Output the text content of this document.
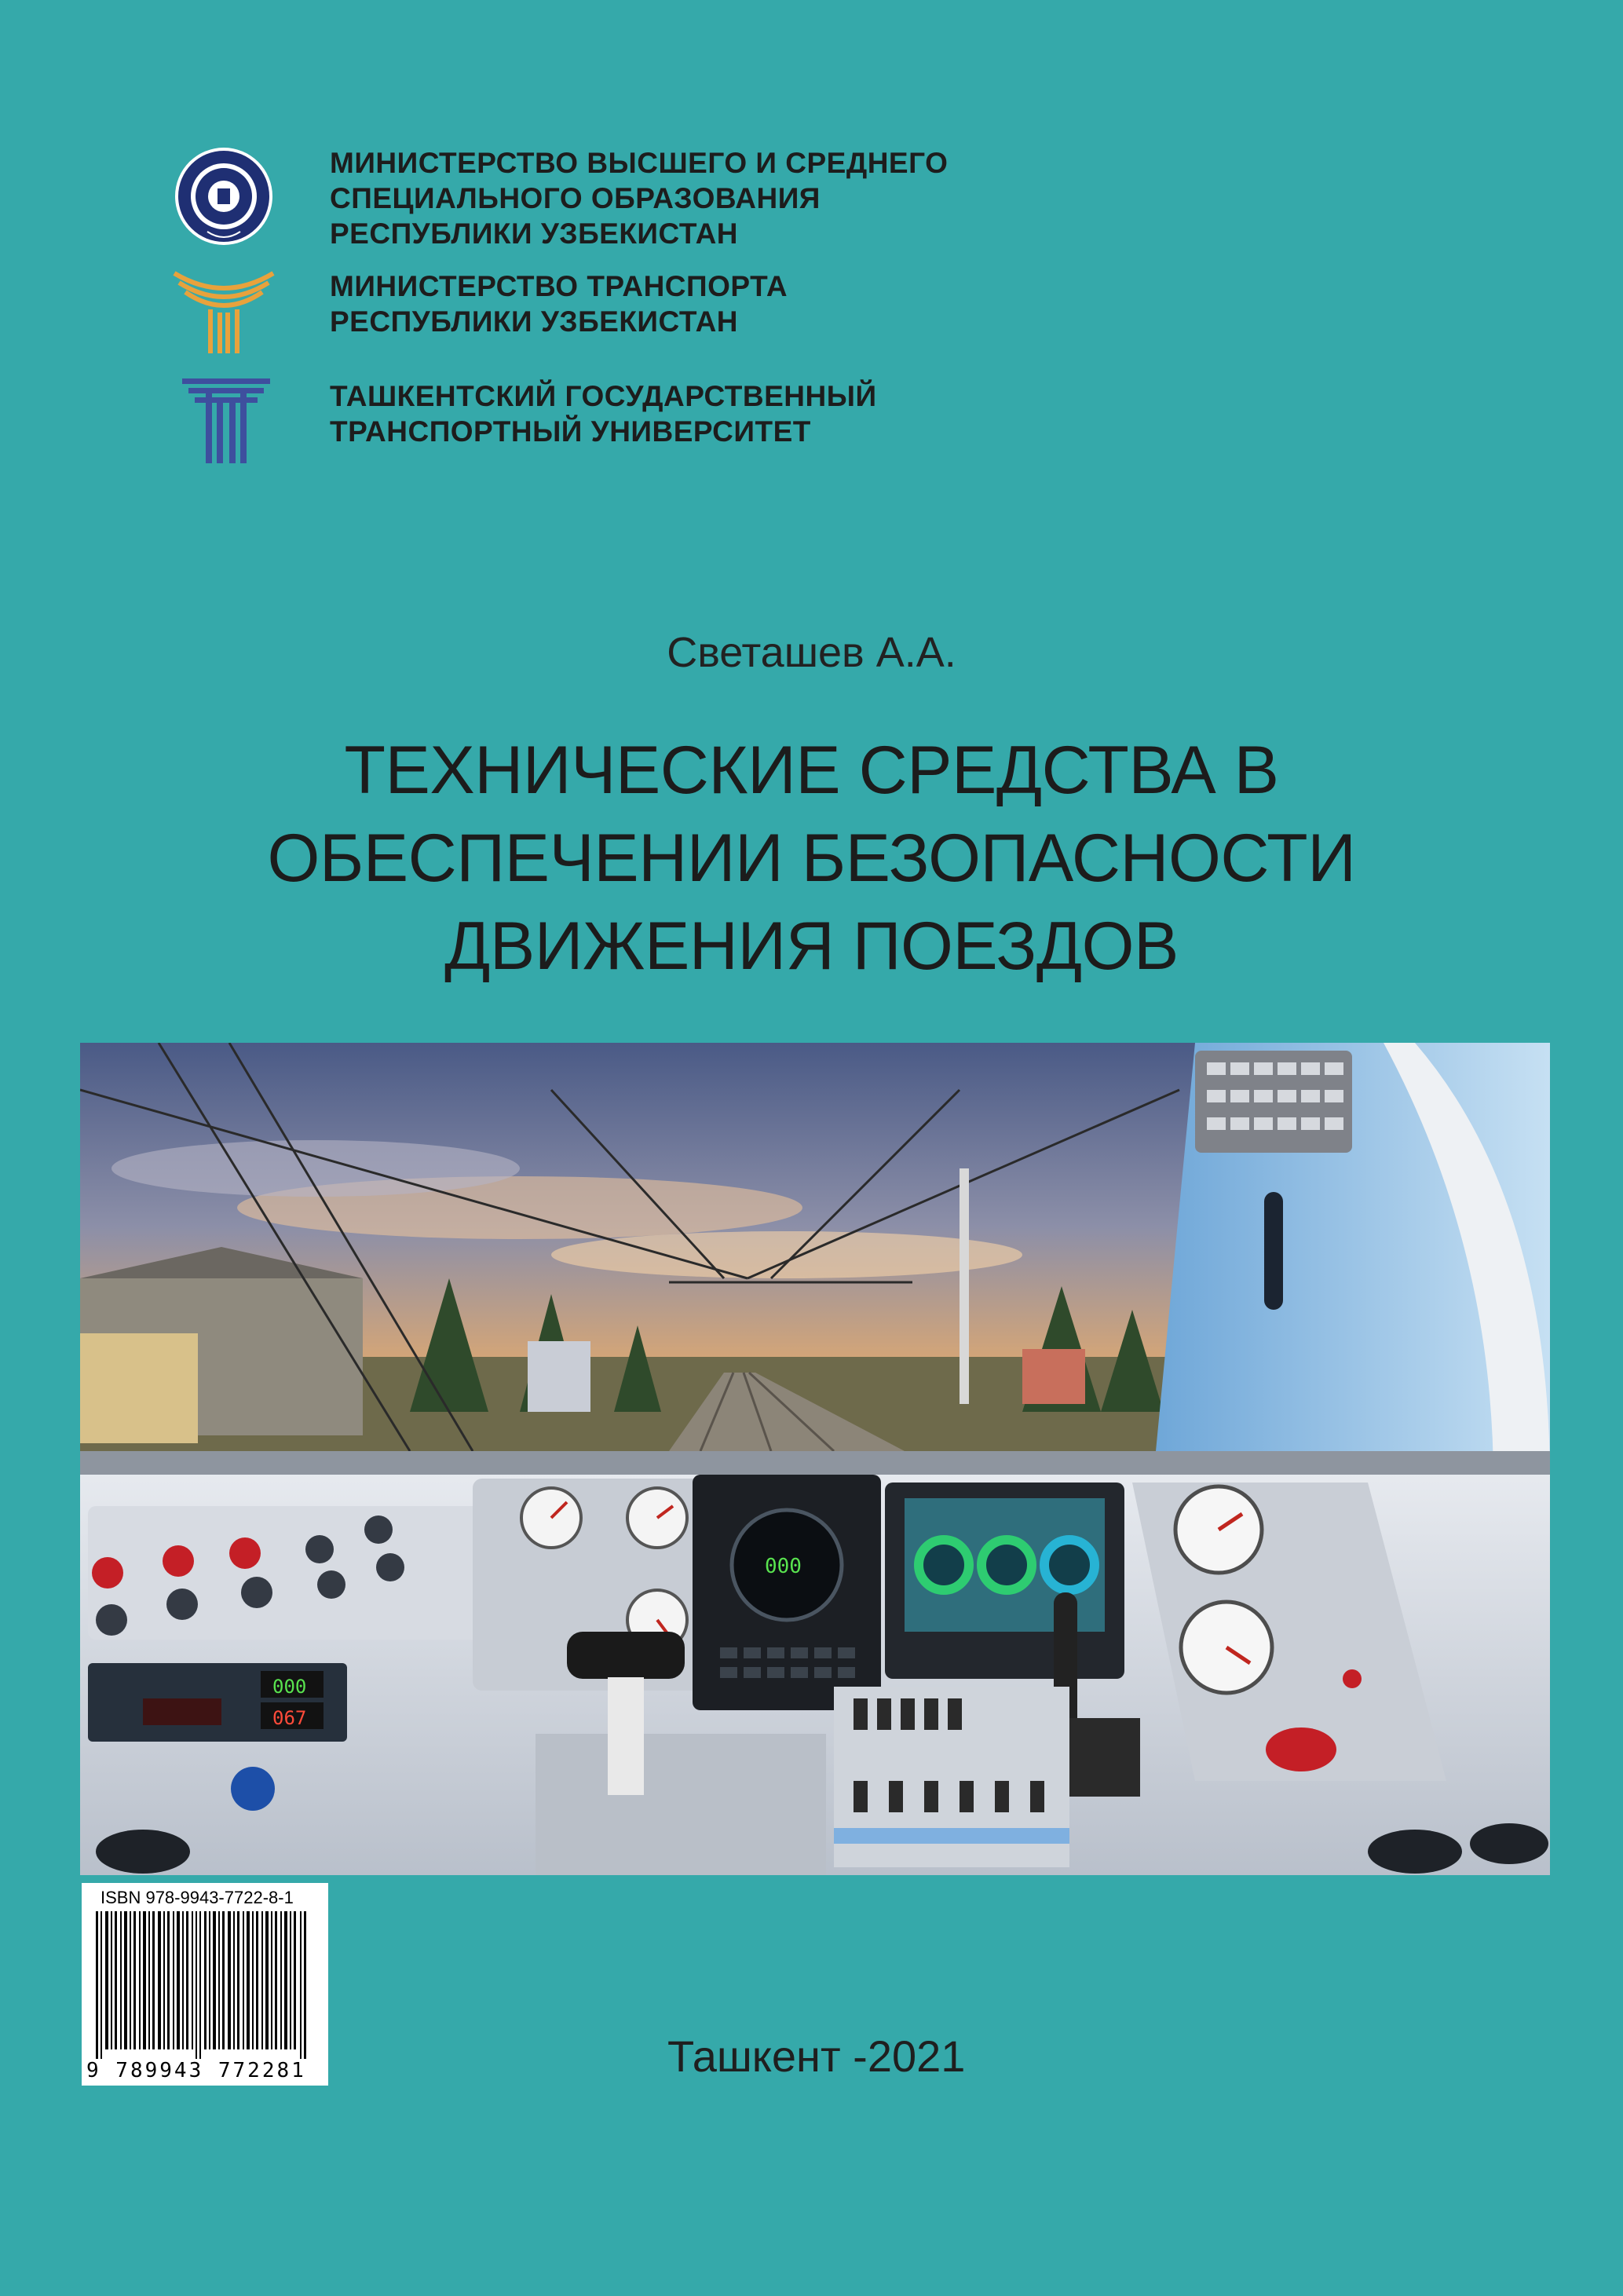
МИНИСТЕРСТВО ВЫСШЕГО И СРЕДНЕГО
СПЕЦИАЛЬНОГО ОБРАЗОВАНИЯ
РЕСПУБЛИКИ УЗБЕКИСТАН
МИНИСТЕРСТВО ТРАНСПОРТА
РЕСПУБЛИКИ УЗБЕКИСТАН
ТАШКЕНТСКИЙ ГОСУДАРСТВЕННЫЙ
ТРАНСПОРТНЫЙ УНИВЕРСИТЕТ
Светашев А.А.
ТЕХНИЧЕСКИЕ СРЕДСТВА В
ОБЕСПЕЧЕНИИ БЕЗОПАСНОСТИ
ДВИЖЕНИЯ ПОЕЗДОВ
000
067
000
ISBN 978-9943-7722-8-1
9 789943 772281	Ташкент -2021
